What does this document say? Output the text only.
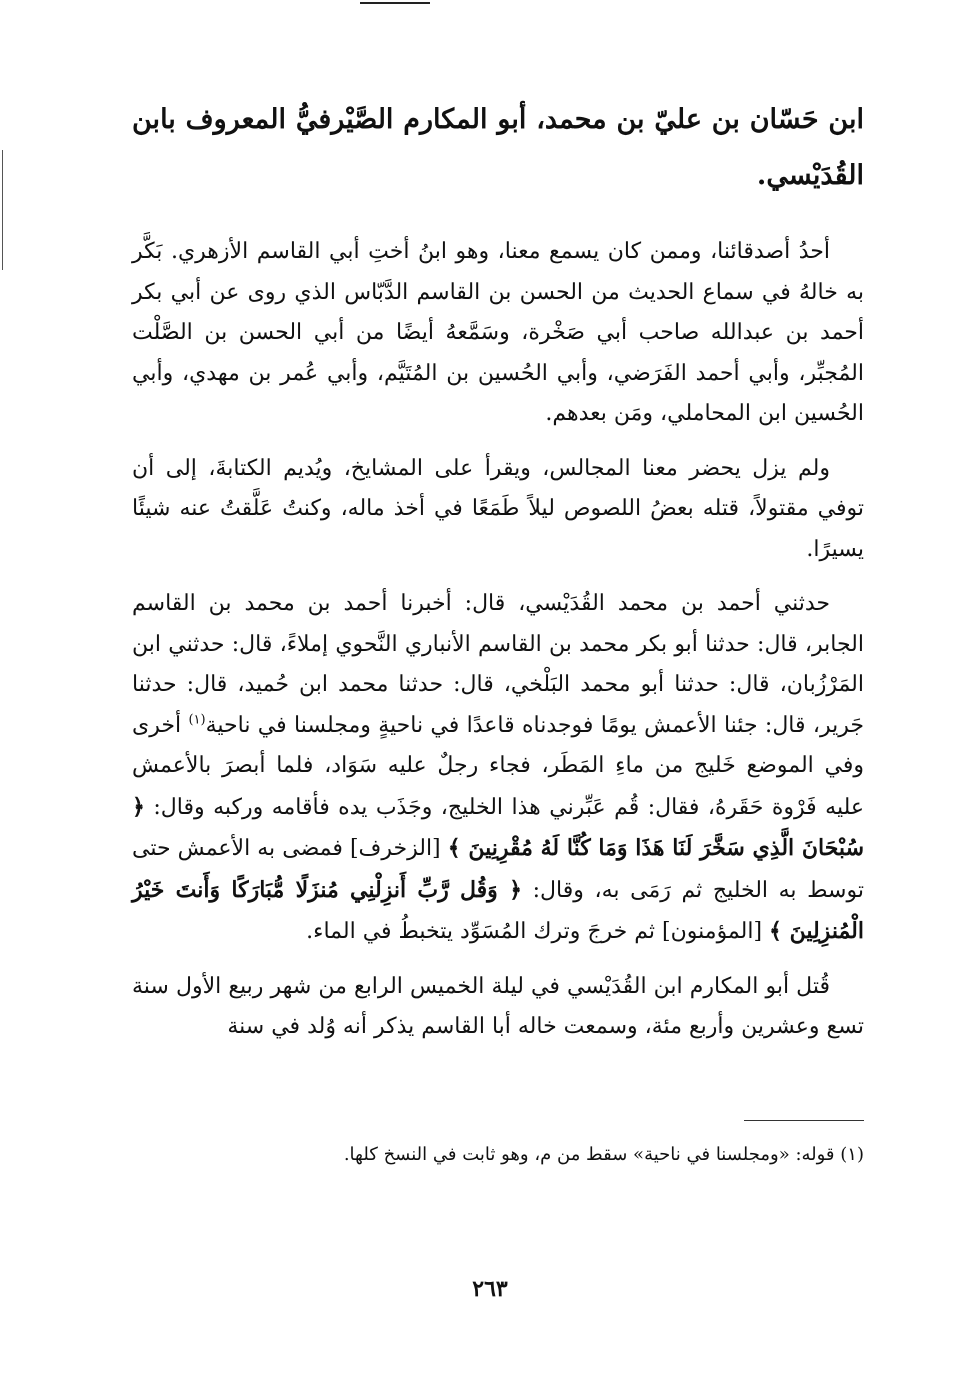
ابن حَسّان بن عليّ بن محمد، أبو المكارم الصَّيْرفيُّ المعروف بابن القُدَيْسي.

أحدُ أصدقائنا، وممن كان يسمع معنا، وهو ابنُ أختِ أبي القاسم الأزهري. بَكَّر به خالهُ في سماع الحديث من الحسن بن القاسم الدَّبّاس الذي روى عن أبي بكر أحمد بن عبدالله صاحب أبي صَخْرة، وسَمَّعهُ أيضًا من أبي الحسن بن الصَّلْت المُجبِّر، وأبي أحمد الفَرَضي، وأبي الحُسين بن المُتَيَّم، وأبي عُمر بن مهدي، وأبي الحُسين ابن المحاملي، ومَن بعدهم.

ولم يزل يحضر معنا المجالس، ويقرأ على المشايخ، ويُديم الكتابةَ، إلى أن توفي مقتولاً، قتله بعضُ اللصوص ليلاً طَمَعًا في أخذ ماله، وكنتُ عَلَّقتُ عنه شيئًا يسيرًا.

حدثني أحمد بن محمد القُدَيْسي، قال: أخبرنا أحمد بن محمد بن القاسم الجابر، قال: حدثنا أبو بكر محمد بن القاسم الأنباري النَّحوي إملاءً، قال: حدثني ابن المَرْزُبان، قال: حدثنا أبو محمد البَلْخي، قال: حدثنا محمد ابن حُميد، قال: حدثنا جَرير، قال: جئنا الأعمش يومًا فوجدناه قاعدًا في ناحيةٍ ومجلسنا في ناحية$^{(١)}$ أخرى وفي الموضع خَليج من ماءِ المَطَر، فجاء رجلٌ عليه سَوَاد، فلما أبصرَ بالأعمش عليه فَرْوة حَقَرهُ، فقال: قُم عَبِّرني هذا الخليج، وجَذَب يده فأقامه وركبه وقال: ﴿ سُبْحَانَ الَّذِي سَخَّرَ لَنَا هَذَا وَمَا كُنَّا لَهُ مُقْرِنِينَ ﴾ [الزخرف] فمضى به الأعمش حتى توسط به الخليج ثم رَمَى به، وقال: ﴿ وَقُل رَّبِّ أَنزِلْنِي مُنزَلًا مُّبَارَكًا وَأَنتَ خَيْرُ الْمُنزِلِينَ ﴾ [المؤمنون] ثم خرجَ وترك المُسَوِّد يتخبطُ في الماء.

قُتل أبو المكارم ابن القُدَيْسي في ليلة الخميس الرابع من شهر ربيع الأول سنة تسع وعشرين وأربع مئة، وسمعت خاله أبا القاسم يذكر أنه وُلد في سنة

(١) قوله: «ومجلسنا في ناحية» سقط من م، وهو ثابت في النسخ كلها.
٢٦٣
